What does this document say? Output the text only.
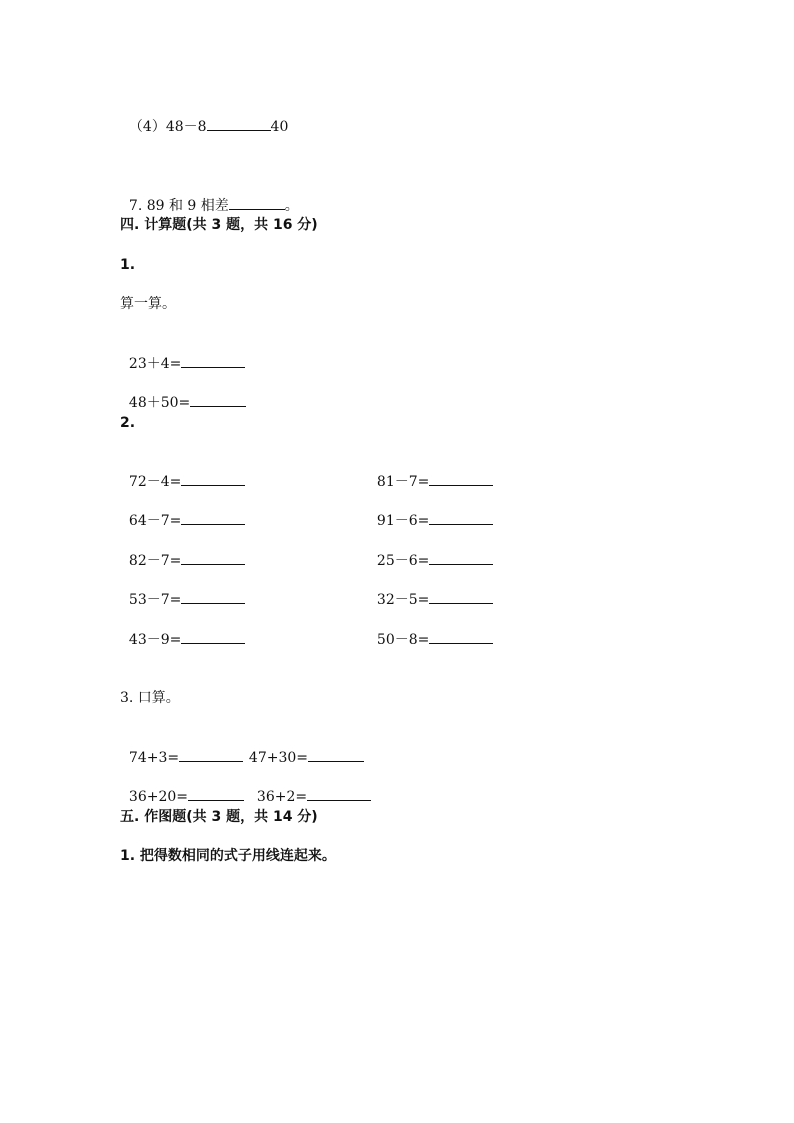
（4）48－8	40

7. 89 和 9 相差	。

四. 计算题(共 3 题，共 16 分)
1.
算一算。

23＋4=

48＋50=

2.

72－4=	81－7=

64－7=	91－6=

82－7=	25－6=

53－7=	32－5=

43－9=	50－8=

3. 口算。

74+3=	47+30=

36+20=	36+2=

五. 作图题(共 3 题，共 14 分)
1. 把得数相同的式子用线连起来。
